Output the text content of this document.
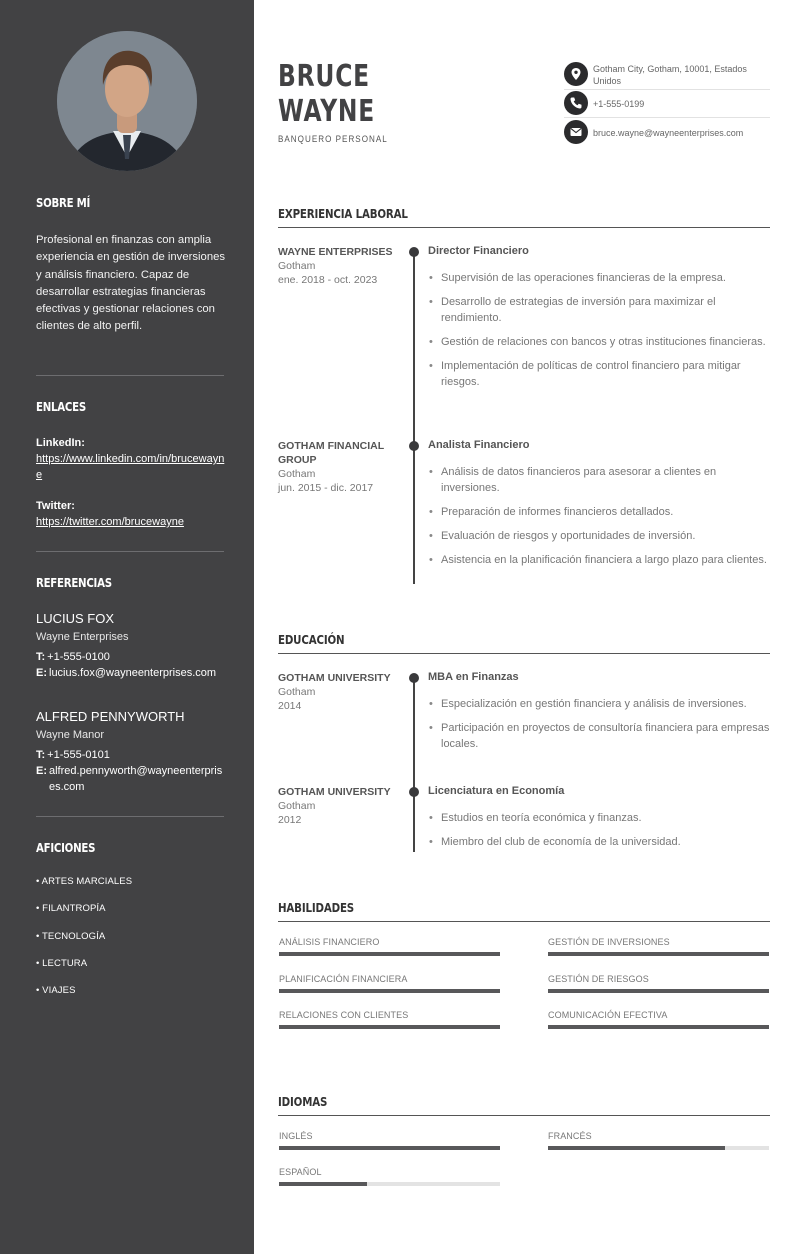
SOBRE MÍ

Profesional en finanzas con amplia experiencia en gestión de inversiones y análisis financiero. Capaz de desarrollar estrategias financieras efectivas y gestionar relaciones con clientes de alto perfil.

ENLACES
LinkedIn:
https://www.linkedin.com/in/brucewayne
Twitter:
https://twitter.com/brucewayne
REFERENCIAS
LUCIUS FOX
Wayne Enterprises
T: +1-555-0100
E: lucius.fox@wayneenterprises.com
ALFRED PENNYWORTH
Wayne Manor
T: +1-555-0101
E: alfred.pennyworth@wayneenterprises.com
AFICIONES
• ARTES MARCIALES
• FILANTROPÍA
• TECNOLOGÍA
• LECTURA
• VIAJES
BRUCE
WAYNE
BANQUERO PERSONAL
Gotham City, Gotham, 10001, Estados Unidos
+1-555-0199
bruce.wayne@wayneenterprises.com
EXPERIENCIA LABORAL
WAYNE ENTERPRISES
Gotham
ene. 2018 - oct. 2023
Director Financiero
• Supervisión de las operaciones financieras de la empresa.
• Desarrollo de estrategias de inversión para maximizar el rendimiento.
• Gestión de relaciones con bancos y otras instituciones financieras.
• Implementación de políticas de control financiero para mitigar riesgos.
GOTHAM FINANCIAL GROUP
Gotham
jun. 2015 - dic. 2017
Analista Financiero
• Análisis de datos financieros para asesorar a clientes en inversiones.
• Preparación de informes financieros detallados.
• Evaluación de riesgos y oportunidades de inversión.
• Asistencia en la planificación financiera a largo plazo para clientes.
EDUCACIÓN
GOTHAM UNIVERSITY
Gotham
2014
MBA en Finanzas
• Especialización en gestión financiera y análisis de inversiones.
• Participación en proyectos de consultoría financiera para empresas locales.
GOTHAM UNIVERSITY
Gotham
2012
Licenciatura en Economía
• Estudios en teoría económica y finanzas.
• Miembro del club de economía de la universidad.
HABILIDADES
ANÁLISIS FINANCIERO	GESTIÓN DE INVERSIONES
PLANIFICACIÓN FINANCIERA	GESTIÓN DE RIESGOS
RELACIONES CON CLIENTES	COMUNICACIÓN EFECTIVA
IDIOMAS
INGLÉS	FRANCÉS
ESPAÑOL
